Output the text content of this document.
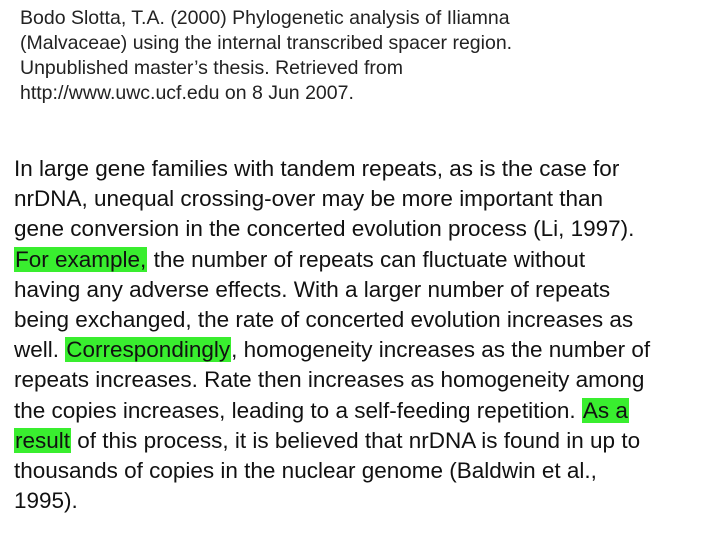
Bodo Slotta, T.A. (2000) Phylogenetic analysis of Iliamna
(Malvaceae) using the internal transcribed spacer region.
Unpublished master’s thesis. Retrieved from
http://www.uwc.ucf.edu on 8 Jun 2007.
In large gene families with tandem repeats, as is the case for
nrDNA, unequal crossing-over may be more important than
gene conversion in the concerted evolution process (Li, 1997).
For example, the number of repeats can fluctuate without
having any adverse effects. With a larger number of repeats
being exchanged, the rate of concerted evolution increases as
well. Correspondingly, homogeneity increases as the number of
repeats increases. Rate then increases as homogeneity among
the copies increases, leading to a self-feeding repetition. As a
result of this process, it is believed that nrDNA is found in up to
thousands of copies in the nuclear genome (Baldwin et al.,
1995).
